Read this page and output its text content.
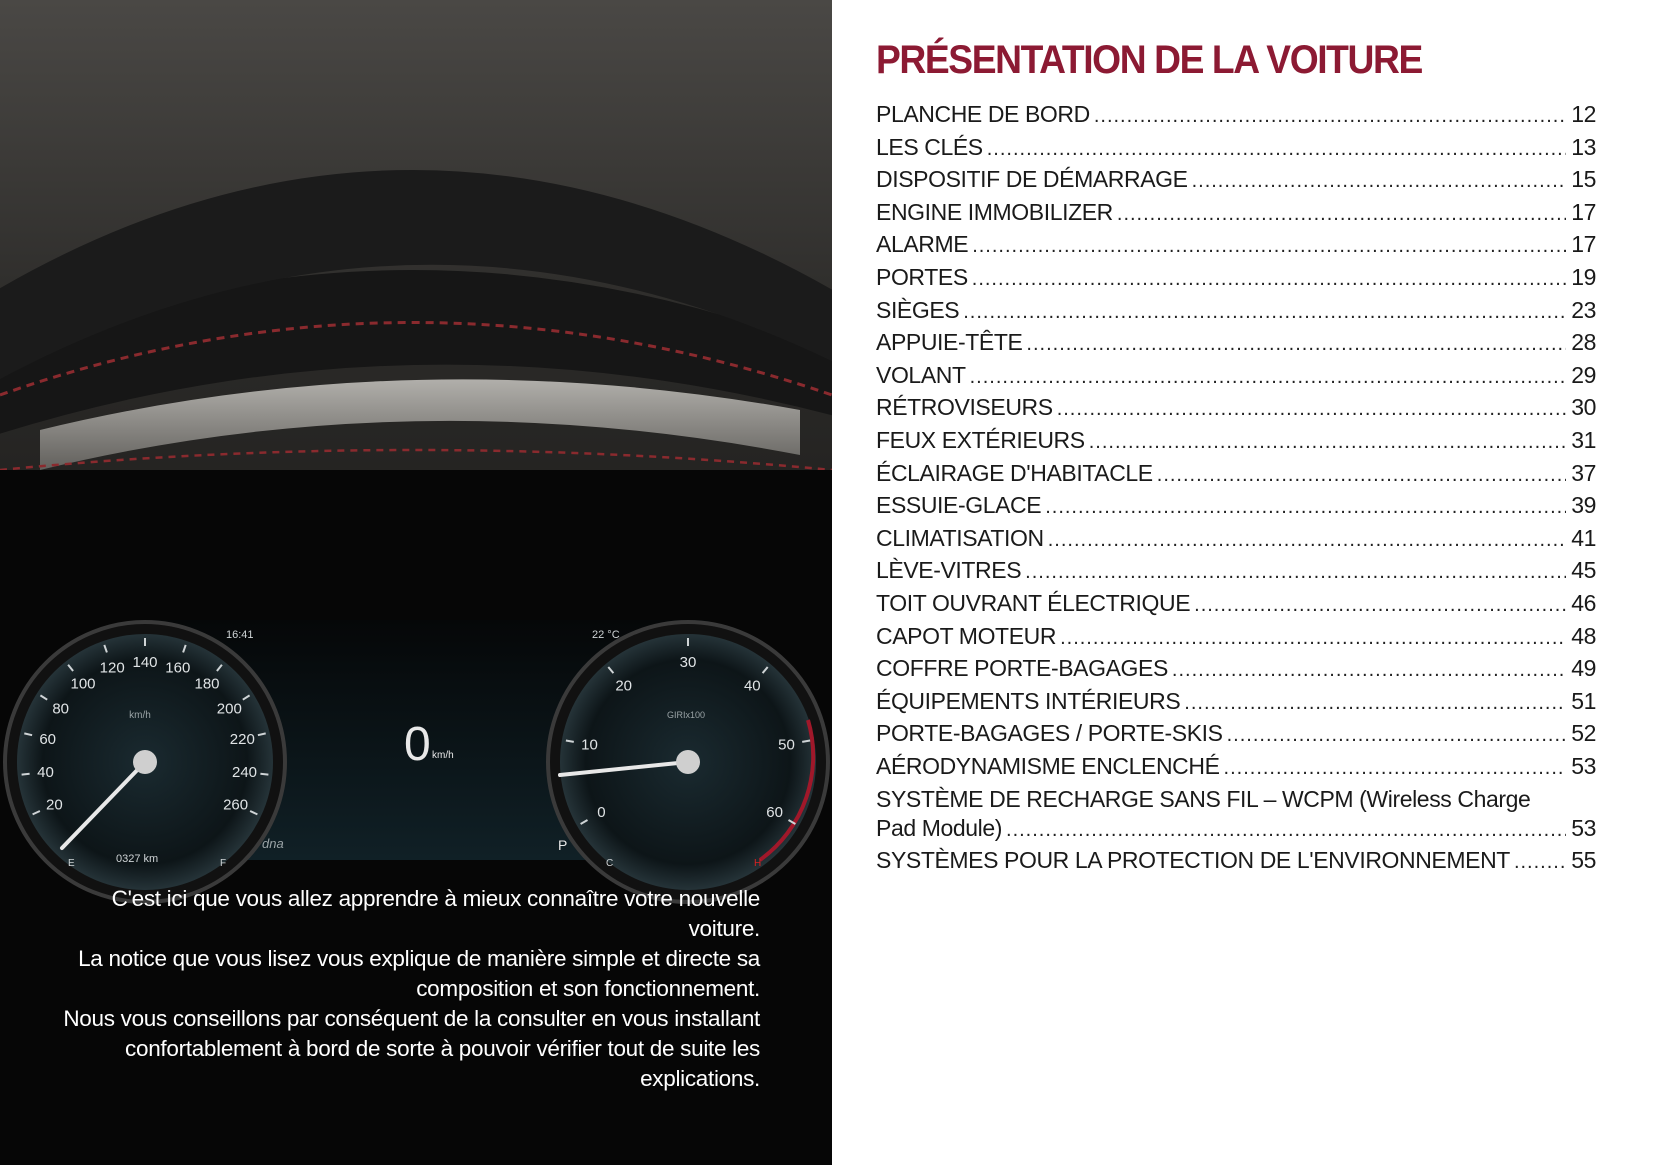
20
40
60
80
100
120 140 160
180
200
220
240
260	0
10
20
30
40
50
60
16:41	22 °C
km/h	GIRIx100
0 km/h
0327 km
E	F
dna	P
C	H

C'est ici que vous allez apprendre à mieux connaître votre nouvelle voiture.

La notice que vous lisez vous explique de manière simple et directe sa composition et son fonctionnement.

Nous vous conseillons par conséquent de la consulter en vous installant confortablement à bord de sorte à pouvoir vérifier tout de suite les explications.

PRÉSENTATION DE LA VOITURE
PLANCHE DE BORD .....	12
LES CLÉS .....	13
DISPOSITIF DE DÉMARRAGE .....	15
ENGINE IMMOBILIZER .....	17
ALARME .....	17
PORTES .....	19
SIÈGES .....	23
APPUIE-TÊTE .....	28
VOLANT .....	29
RÉTROVISEURS .....	30
FEUX EXTÉRIEURS .....	31
ÉCLAIRAGE D'HABITACLE .....	37
ESSUIE-GLACE .....	39
CLIMATISATION .....	41
LÈVE-VITRES .....	45
TOIT OUVRANT ÉLECTRIQUE .....	46
CAPOT MOTEUR .....	48
COFFRE PORTE-BAGAGES .....	49
ÉQUIPEMENTS INTÉRIEURS .....	51
PORTE-BAGAGES / PORTE-SKIS .....	52
AÉRODYNAMISME ENCLENCHÉ .....	53
SYSTÈME DE RECHARGE SANS FIL – WCPM (Wireless Charge
Pad Module) .....	53
SYSTÈMES POUR LA PROTECTION DE L'ENVIRONNEMENT .....	55
